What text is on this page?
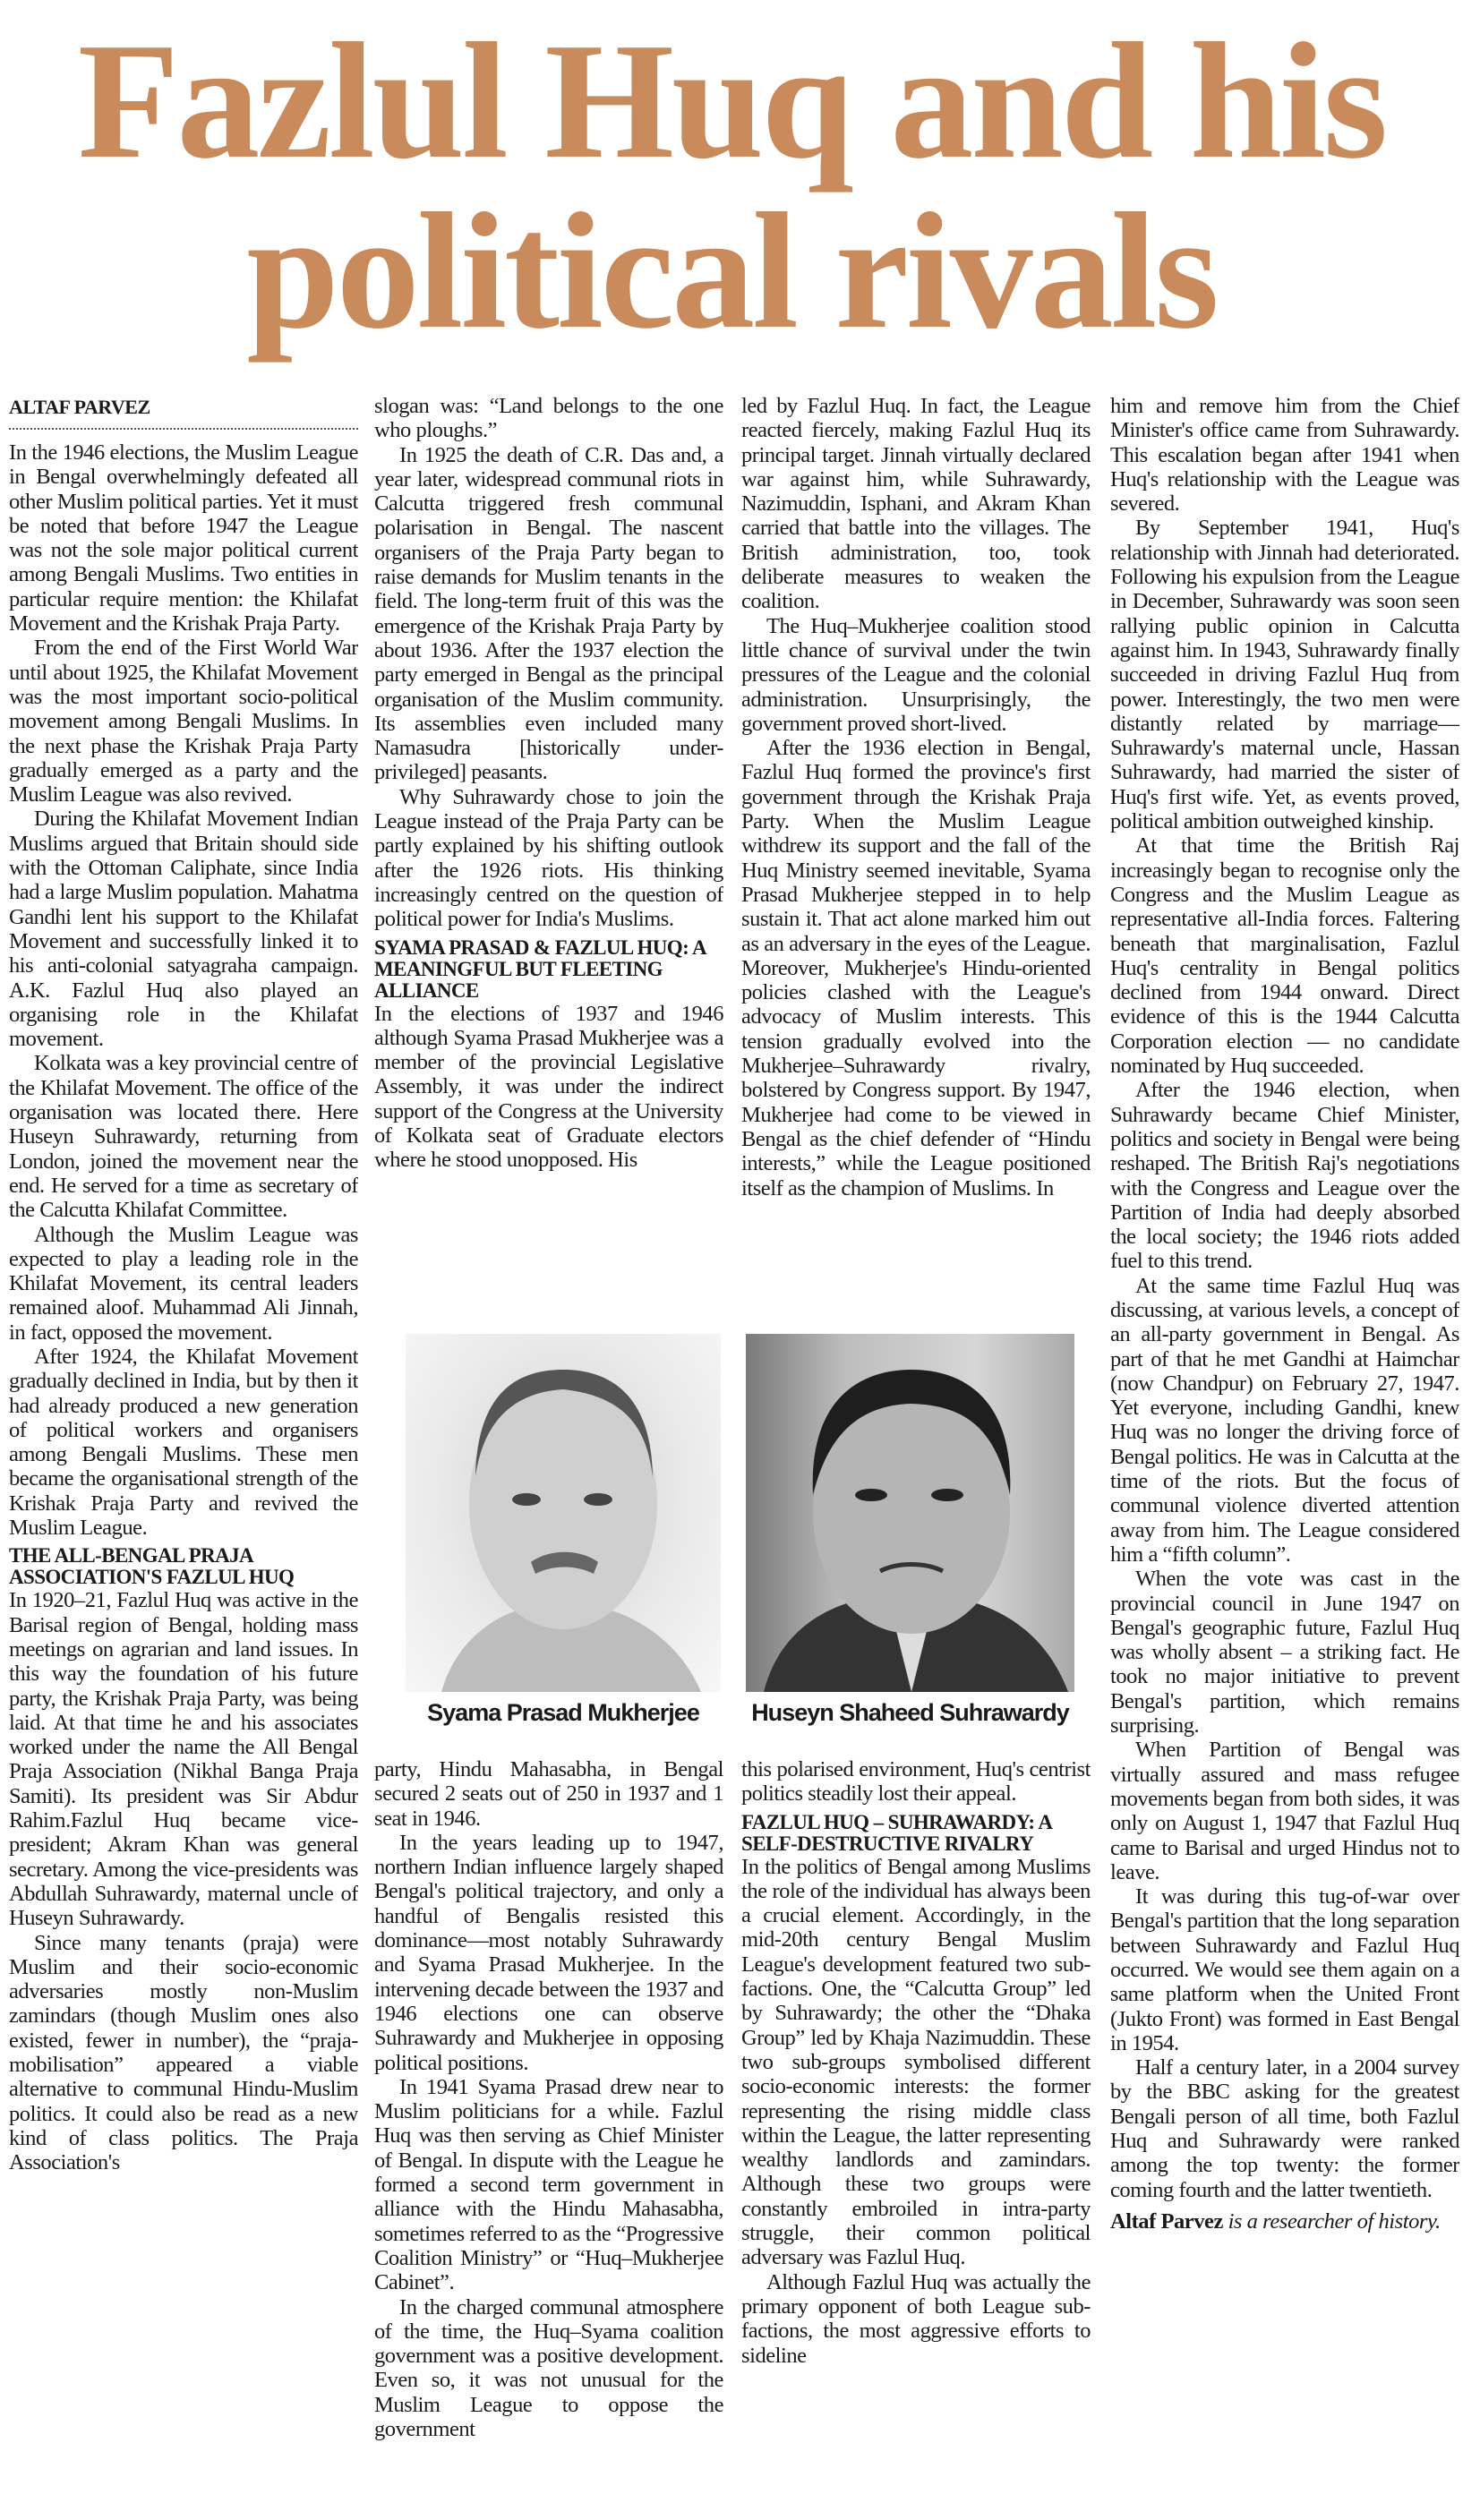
Fazlul Huq and his
political rivals
ALTAF PARVEZ

In the 1946 elections, the Muslim League in Bengal overwhelmingly defeated all other Muslim political parties. Yet it must be noted that before 1947 the League was not the sole major political current among Bengali Muslims. Two entities in particular require mention: the Khilafat Movement and the Krishak Praja Party.

From the end of the First World War until about 1925, the Khilafat Movement was the most important socio-political movement among Bengali Muslims. In the next phase the Krishak Praja Party gradually emerged as a party and the Muslim League was also revived.

During the Khilafat Movement Indian Muslims argued that Britain should side with the Ottoman Caliphate, since India had a large Muslim population. Mahatma Gandhi lent his support to the Khilafat Movement and successfully linked it to his anti-colonial satyagraha campaign. A.K. Fazlul Huq also played an organising role in the Khilafat movement.

Kolkata was a key provincial centre of the Khilafat Movement. The office of the organisation was located there. Here Huseyn Suhrawardy, returning from London, joined the movement near the end. He served for a time as secretary of the Calcutta Khilafat Committee.

Although the Muslim League was expected to play a leading role in the Khilafat Movement, its central leaders remained aloof. Muhammad Ali Jinnah, in fact, opposed the movement.

After 1924, the Khilafat Movement gradually declined in India, but by then it had already produced a new generation of political workers and organisers among Bengali Muslims. These men became the organisational strength of the Krishak Praja Party and revived the Muslim League.

THE ALL-BENGAL PRAJA ASSOCIATION'S FAZLUL HUQ

In 1920–21, Fazlul Huq was active in the Barisal region of Bengal, holding mass meetings on agrarian and land issues. In this way the foundation of his future party, the Krishak Praja Party, was being laid. At that time he and his associates worked under the name the All Bengal Praja Association (Nikhal Banga Praja Samiti). Its president was Sir Abdur Rahim.Fazlul Huq became vice-president; Akram Khan was general secretary. Among the vice-presidents was Abdullah Suhrawardy, maternal uncle of Huseyn Suhrawardy.

Since many tenants (praja) were Muslim and their socio-economic adversaries mostly non-Muslim zamindars (though Muslim ones also existed, fewer in number), the “praja-mobilisation” appeared a viable alternative to communal Hindu-Muslim politics. It could also be read as a new kind of class politics. The Praja Association's

slogan was: “Land belongs to the one who ploughs.”

In 1925 the death of C.R. Das and, a year later, widespread communal riots in Calcutta triggered fresh communal polarisation in Bengal. The nascent organisers of the Praja Party began to raise demands for Muslim tenants in the field. The long-term fruit of this was the emergence of the Krishak Praja Party by about 1936. After the 1937 election the party emerged in Bengal as the principal organisation of the Muslim community. Its assemblies even included many Namasudra [historically under-privileged] peasants.

Why Suhrawardy chose to join the League instead of the Praja Party can be partly explained by his shifting outlook after the 1926 riots. His thinking increasingly centred on the question of political power for India's Muslims.

SYAMA PRASAD & FAZLUL HUQ: A MEANINGFUL BUT FLEETING ALLIANCE

In the elections of 1937 and 1946 although Syama Prasad Mukherjee was a member of the provincial Legislative Assembly, it was under the indirect support of the Congress at the University of Kolkata seat of Graduate electors where he stood unopposed. His

led by Fazlul Huq. In fact, the League reacted fiercely, making Fazlul Huq its principal target. Jinnah virtually declared war against him, while Suhrawardy, Nazimuddin, Isphani, and Akram Khan carried that battle into the villages. The British administration, too, took deliberate measures to weaken the coalition.

The Huq–Mukherjee coalition stood little chance of survival under the twin pressures of the League and the colonial administration. Unsurprisingly, the government proved short-lived.

After the 1936 election in Bengal, Fazlul Huq formed the province's first government through the Krishak Praja Party. When the Muslim League withdrew its support and the fall of the Huq Ministry seemed inevitable, Syama Prasad Mukherjee stepped in to help sustain it. That act alone marked him out as an adversary in the eyes of the League. Moreover, Mukherjee's Hindu-oriented policies clashed with the League's advocacy of Muslim interests. This tension gradually evolved into the Mukherjee–Suhrawardy rivalry, bolstered by Congress support. By 1947, Mukherjee had come to be viewed in Bengal as the chief defender of “Hindu interests,” while the League positioned itself as the champion of Muslims. In

Syama Prasad Mukherjee	Huseyn Shaheed Suhrawardy

party, Hindu Mahasabha, in Bengal secured 2 seats out of 250 in 1937 and 1 seat in 1946.

In the years leading up to 1947, northern Indian influence largely shaped Bengal's political trajectory, and only a handful of Bengalis resisted this dominance—most notably Suhrawardy and Syama Prasad Mukherjee. In the intervening decade between the 1937 and 1946 elections one can observe Suhrawardy and Mukherjee in opposing political positions.

In 1941 Syama Prasad drew near to Muslim politicians for a while. Fazlul Huq was then serving as Chief Minister of Bengal. In dispute with the League he formed a second term government in alliance with the Hindu Mahasabha, sometimes referred to as the “Progressive Coalition Ministry” or “Huq–Mukherjee Cabinet”.

In the charged communal atmosphere of the time, the Huq–Syama coalition government was a positive development. Even so, it was not unusual for the Muslim League to oppose the government

this polarised environment, Huq's centrist politics steadily lost their appeal.

FAZLUL HUQ – SUHRAWARDY: A SELF-DESTRUCTIVE RIVALRY

In the politics of Bengal among Muslims the role of the individual has always been a crucial element. Accordingly, in the mid-20th century Bengal Muslim League's development featured two sub-factions. One, the “Calcutta Group” led by Suhrawardy; the other the “Dhaka Group” led by Khaja Nazimuddin. These two sub-groups symbolised different socio-economic interests: the former representing the rising middle class within the League, the latter representing wealthy landlords and zamindars. Although these two groups were constantly embroiled in intra-party struggle, their common political adversary was Fazlul Huq.

Although Fazlul Huq was actually the primary opponent of both League sub-factions, the most aggressive efforts to sideline

him and remove him from the Chief Minister's office came from Suhrawardy. This escalation began after 1941 when Huq's relationship with the League was severed.

By September 1941, Huq's relationship with Jinnah had deteriorated. Following his expulsion from the League in December, Suhrawardy was soon seen rallying public opinion in Calcutta against him. In 1943, Suhrawardy finally succeeded in driving Fazlul Huq from power. Interestingly, the two men were distantly related by marriage—Suhrawardy's maternal uncle, Hassan Suhrawardy, had married the sister of Huq's first wife. Yet, as events proved, political ambition outweighed kinship.

At that time the British Raj increasingly began to recognise only the Congress and the Muslim League as representative all-India forces. Faltering beneath that marginalisation, Fazlul Huq's centrality in Bengal politics declined from 1944 onward. Direct evidence of this is the 1944 Calcutta Corporation election — no candidate nominated by Huq succeeded.

After the 1946 election, when Suhrawardy became Chief Minister, politics and society in Bengal were being reshaped. The British Raj's negotiations with the Congress and League over the Partition of India had deeply absorbed the local society; the 1946 riots added fuel to this trend.

At the same time Fazlul Huq was discussing, at various levels, a concept of an all-party government in Bengal. As part of that he met Gandhi at Haimchar (now Chandpur) on February 27, 1947. Yet everyone, including Gandhi, knew Huq was no longer the driving force of Bengal politics. He was in Calcutta at the time of the riots. But the focus of communal violence diverted attention away from him. The League considered him a “fifth column”.

When the vote was cast in the provincial council in June 1947 on Bengal's geographic future, Fazlul Huq was wholly absent – a striking fact. He took no major initiative to prevent Bengal's partition, which remains surprising.

When Partition of Bengal was virtually assured and mass refugee movements began from both sides, it was only on August 1, 1947 that Fazlul Huq came to Barisal and urged Hindus not to leave.

It was during this tug-of-war over Bengal's partition that the long separation between Suhrawardy and Fazlul Huq occurred. We would see them again on a same platform when the United Front (Jukto Front) was formed in East Bengal in 1954.

Half a century later, in a 2004 survey by the BBC asking for the greatest Bengali person of all time, both Fazlul Huq and Suhrawardy were ranked among the top twenty: the former coming fourth and the latter twentieth.

Altaf Parvez is a researcher of history.
